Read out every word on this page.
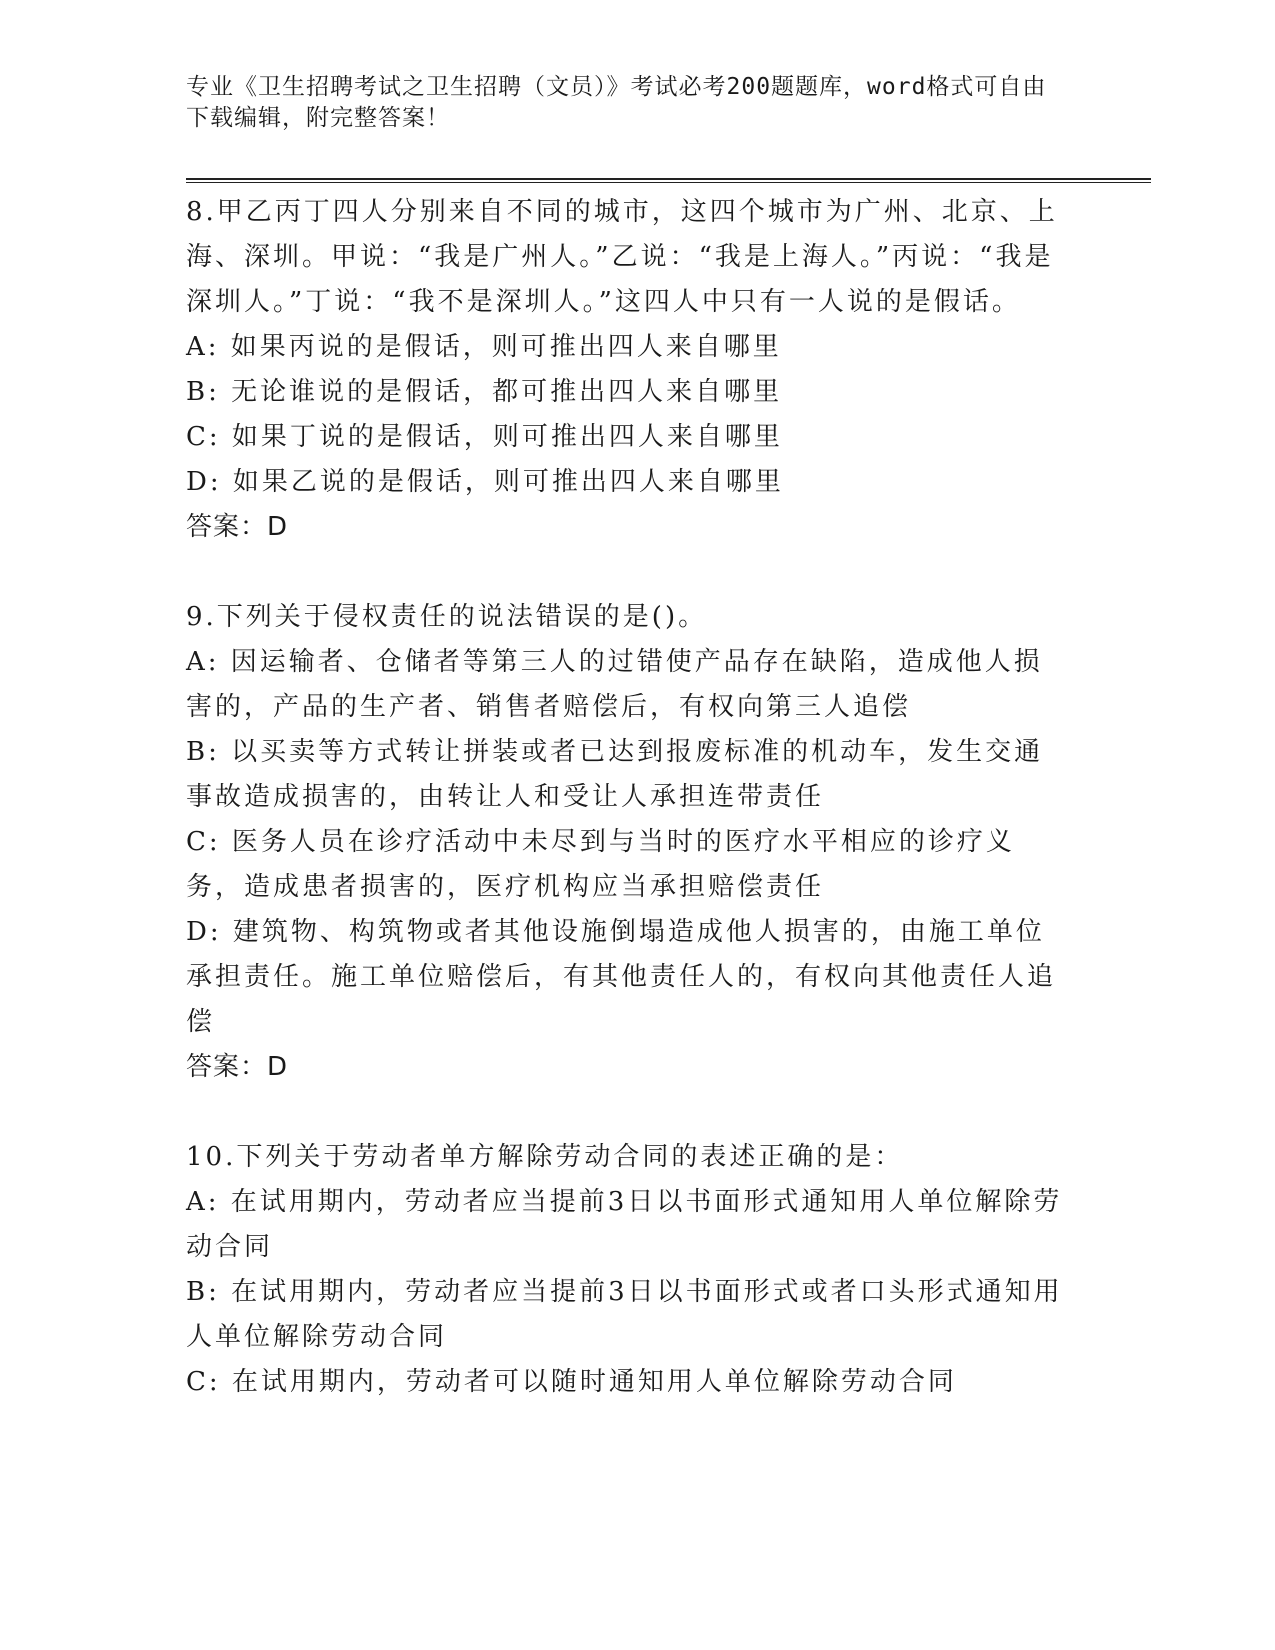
专业《卫生招聘考试之卫生招聘（文员）》考试必考200题题库，word格式可自由下载编辑，附完整答案！

8.甲乙丙丁四人分别来自不同的城市，这四个城市为广州、北京、上海、深圳。甲说：“我是广州人。”乙说：“我是上海人。”丙说：“我是深圳人。”丁说：“我不是深圳人。”这四人中只有一人说的是假话。

A: 如果丙说的是假话，则可推出四人来自哪里

B: 无论谁说的是假话，都可推出四人来自哪里

C: 如果丁说的是假话，则可推出四人来自哪里

D: 如果乙说的是假话，则可推出四人来自哪里

答案：D

9.下列关于侵权责任的说法错误的是()。

A: 因运输者、仓储者等第三人的过错使产品存在缺陷，造成他人损害的，产品的生产者、销售者赔偿后，有权向第三人追偿

B: 以买卖等方式转让拼装或者已达到报废标准的机动车，发生交通事故造成损害的，由转让人和受让人承担连带责任

C: 医务人员在诊疗活动中未尽到与当时的医疗水平相应的诊疗义务，造成患者损害的，医疗机构应当承担赔偿责任

D: 建筑物、构筑物或者其他设施倒塌造成他人损害的，由施工单位承担责任。施工单位赔偿后，有其他责任人的，有权向其他责任人追偿

答案：D

10.下列关于劳动者单方解除劳动合同的表述正确的是：

A: 在试用期内，劳动者应当提前3日以书面形式通知用人单位解除劳动合同

B: 在试用期内，劳动者应当提前3日以书面形式或者口头形式通知用人单位解除劳动合同

C: 在试用期内，劳动者可以随时通知用人单位解除劳动合同
